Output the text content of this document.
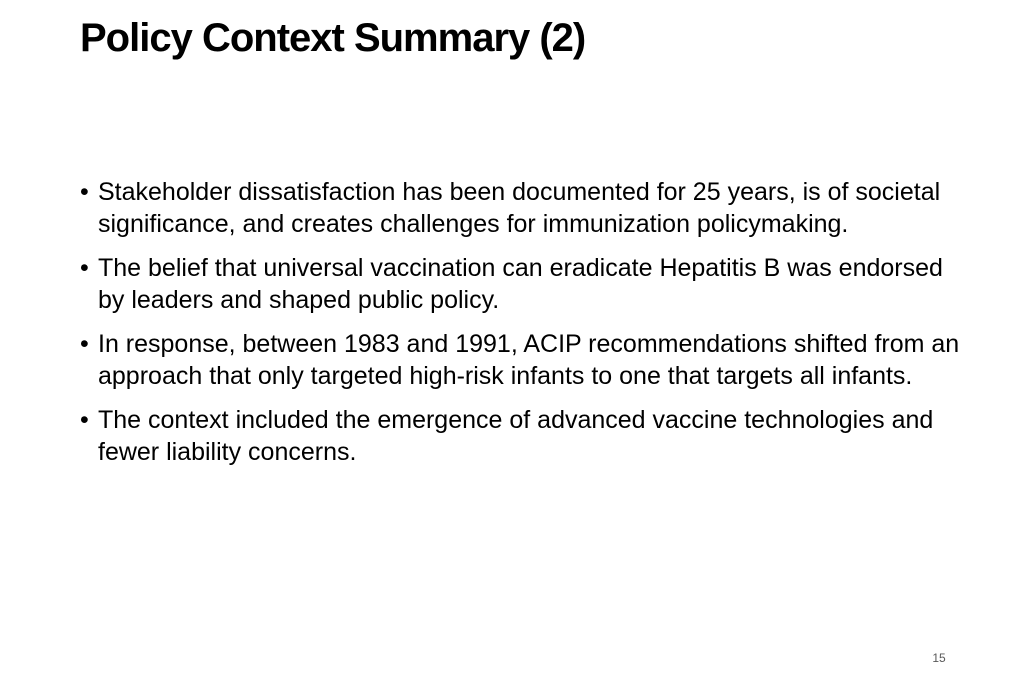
Policy Context Summary (2)
• Stakeholder dissatisfaction has been documented for 25 years, is of societal significance, and creates challenges for immunization policymaking.
• The belief that universal vaccination can eradicate Hepatitis B was endorsed by leaders and shaped public policy.
• In response, between 1983 and 1991, ACIP recommendations shifted from an approach that only targeted high-risk infants to one that targets all infants.
• The context included the emergence of advanced vaccine technologies and fewer liability concerns.
15
